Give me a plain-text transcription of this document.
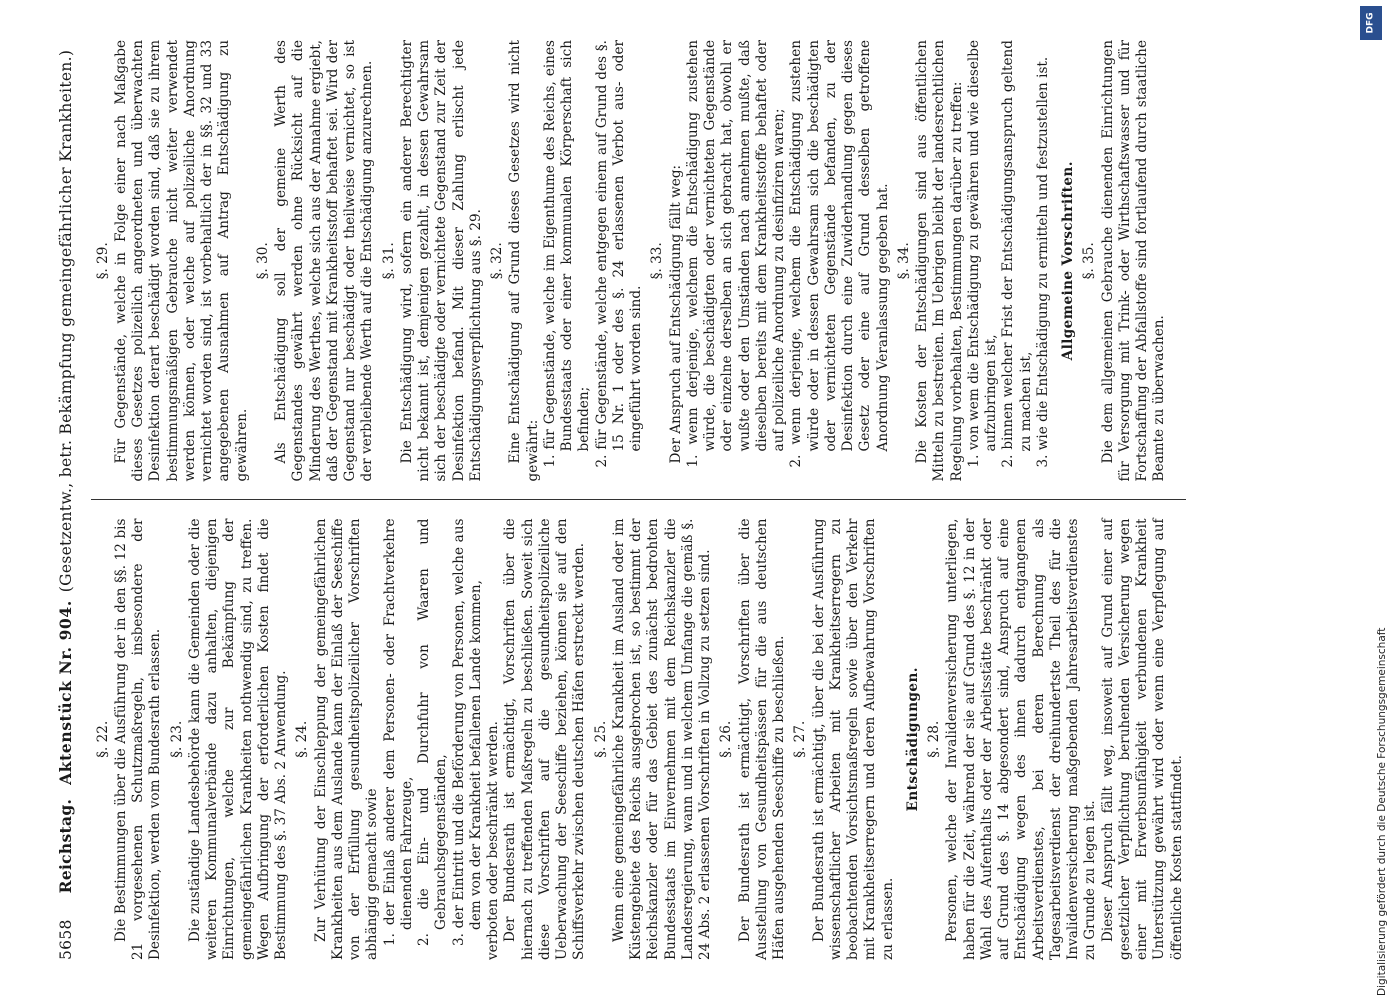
5658
Reichstag.
Aktenstück Nr. 904.
(Gesetzentw., betr. Bekämpfung gemeingefährlicher Krankheiten.)
§. 22. Die Bestimmungen über die Ausführung der in den §§. 12 bis 21 vorgesehenen Schutzmaßregeln, insbesondere der Desinfektion, werden vom Bundesrath erlassen. §. 23. Die zuständige Landesbehörde kann die Gemeinden oder die weiteren Kommunalverbände dazu anhalten, diejenigen Einrichtungen, welche zur Bekämpfung der gemeingefährlichen Krankheiten nothwendig sind, zu treffen. Wegen Aufbringung der erforderlichen Kosten findet die Bestimmung des §. 37 Abs. 2 Anwendung. §. 24. Zur Verhütung der Einschleppung der gemeingefährlichen Krankheiten aus dem Auslande kann der Einlaß der Seeschiffe von der Erfüllung gesundheitspolizeilicher Vorschriften abhängig gemacht sowie 1. der Einlaß anderer dem Personen- oder Frachtverkehre dienenden Fahrzeuge, 2. die Ein- und Durchfuhr von Waaren und Gebrauchsgegenständen, 3. der Eintritt und die Beförderung von Personen, welche aus dem von der Krankheit befallenen Lande kommen, verboten oder beschränkt werden. Der Bundesrath ist ermächtigt, Vorschriften über die hiernach zu treffenden Maßregeln zu beschließen. Soweit sich diese Vorschriften auf die gesundheitspolizeiliche Ueberwachung der Seeschiffe beziehen, können sie auf den Schiffsverkehr zwischen deutschen Häfen erstreckt werden. §. 25. Wenn eine gemeingefährliche Krankheit im Ausland oder im Küstengebiete des Reichs ausgebrochen ist, so bestimmt der Reichskanzler oder für das Gebiet des zunächst bedrohten Bundesstaats im Einvernehmen mit dem Reichskanzler die Landesregierung, wann und in welchem Umfange die gemäß §. 24 Abs. 2 erlassenen Vorschriften in Vollzug zu setzen sind. §. 26. Der Bundesrath ist ermächtigt, Vorschriften über die Ausstellung von Gesundheitspässen für die aus deutschen Häfen ausgehenden Seeschiffe zu beschließen. §. 27. Der Bundesrath ist ermächtigt, über die bei der Ausführung wissenschaftlicher Arbeiten mit Krankheitserregern zu beobachtenden Vorsichtsmaßregeln sowie über den Verkehr mit Krankheitserregern und deren Aufbewahrung Vorschriften zu erlassen.

Entschädigungen. §. 28. Personen, welche der Invalidenversicherung unterliegen, haben für die Zeit, während der sie auf Grund des §. 12 in der Wahl des Aufenthalts oder der Arbeitsstätte beschränkt oder auf Grund des §. 14 abgesondert sind, Anspruch auf eine Entschädigung wegen des ihnen dadurch entgangenen Arbeitsverdienstes, bei deren Berechnung als Tagesarbeitsverdienst der dreihundertste Theil des für die Invalidenversicherung maßgebenden Jahresarbeitsverdienstes zu Grunde zu legen ist. Dieser Anspruch fällt weg, insoweit auf Grund einer auf gesetzlicher Verpflichtung beruhenden Versicherung wegen einer mit Erwerbsunfähigkeit verbundenen Krankheit Unterstützung gewährt wird oder wenn eine Verpflegung auf öffentliche Kosten stattfindet.

§. 29. Für Gegenstände, welche in Folge einer nach Maßgabe dieses Gesetzes polizeilich angeordneten und überwachten Desinfektion derart beschädigt worden sind, daß sie zu ihrem bestimmungsmäßigen Gebrauche nicht weiter verwendet werden können, oder welche auf polizeiliche Anordnung vernichtet worden sind, ist vorbehaltlich der in §§. 32 und 33 angegebenen Ausnahmen auf Antrag Entschädigung zu gewähren.

§. 30. Als Entschädigung soll der gemeine Werth des Gegenstandes gewährt werden ohne Rücksicht auf die Minderung des Werthes, welche sich aus der Annahme ergiebt, daß der Gegenstand mit Krankheitsstoff behaftet sei. Wird der Gegenstand nur beschädigt oder theilweise vernichtet, so ist der verbleibende Werth auf die Entschädigung anzurechnen. §. 31. Die Entschädigung wird, sofern ein anderer Berechtigter nicht bekannt ist, demjenigen gezahlt, in dessen Gewahrsam sich der beschädigte oder vernichtete Gegenstand zur Zeit der Desinfektion befand. Mit dieser Zahlung erlischt jede Entschädigungsverpflichtung aus §. 29. §. 32. Eine Entschädigung auf Grund dieses Gesetzes wird nicht gewährt: 1. für Gegenstände, welche im Eigenthume des Reichs, eines Bundesstaats oder einer kommunalen Körperschaft sich befinden; 2. für Gegenstände, welche entgegen einem auf Grund des §. 15 Nr. 1 oder des §. 24 erlassenen Verbot aus- oder eingeführt worden sind.
§. 33. Der Anspruch auf Entschädigung fällt weg: 1. wenn derjenige, welchem die Entschädigung zustehen würde, die beschädigten oder vernichteten Gegenstände oder einzelne derselben an sich gebracht hat, obwohl er wußte oder den Umständen nach annehmen mußte, daß dieselben bereits mit dem Krankheitsstoffe behaftet oder auf polizeiliche Anordnung zu desinfiziren waren; 2. wenn derjenige, welchem die Entschädigung zustehen würde oder in dessen Gewahrsam sich die beschädigten oder vernichteten Gegenstände befanden, zu der Desinfektion durch eine Zuwiderhandlung gegen dieses Gesetz oder eine auf Grund desselben getroffene Anordnung Veranlassung gegeben hat. §. 34. Die Kosten der Entschädigungen sind aus öffentlichen Mitteln zu bestreiten. Im Uebrigen bleibt der landesrechtlichen Regelung vorbehalten, Bestimmungen darüber zu treffen: 1. von wem die Entschädigung zu gewähren und wie dieselbe aufzubringen ist, 2. binnen welcher Frist der Entschädigungsanspruch geltend zu machen ist, 3. wie die Entschädigung zu ermitteln und festzustellen ist. Allgemeine Vorschriften. §. 35. Die dem allgemeinen Gebrauche dienenden Einrichtungen für Versorgung mit Trink- oder Wirthschaftswasser und für Fortschaffung der Abfallstoffe sind fortlaufend durch staatliche Beamte zu überwachen.

Digitalisierung gefördert durch die Deutsche Forschungsgemeinschaft
DFG
